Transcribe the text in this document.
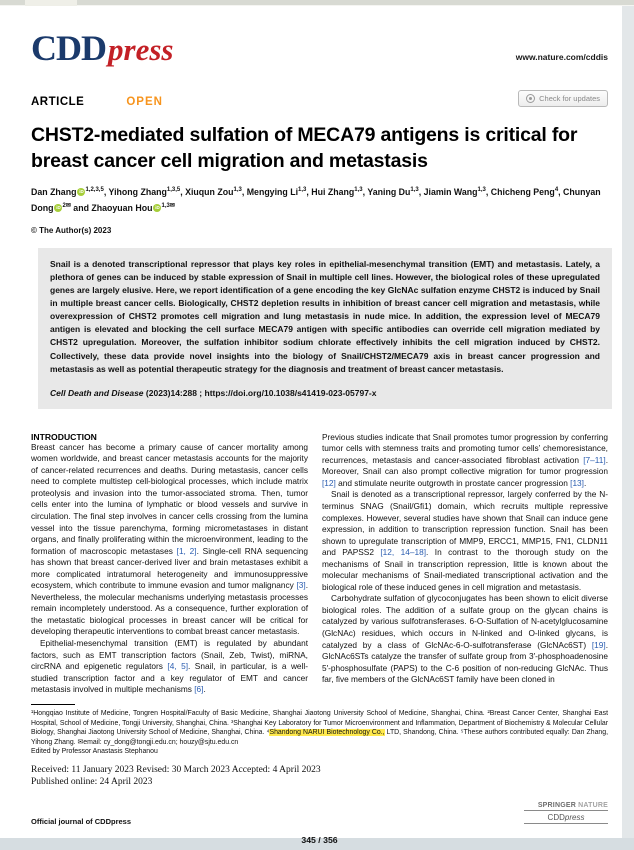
CDDpress	www.nature.com/cddis
ARTICLE	OPEN	Check for updates
CHST2-mediated sulfation of MECA79 antigens is critical for breast cancer cell migration and metastasis
Dan Zhang iD $^{1,2,3,5}$, Yihong Zhang$^{1,3,5}$, Xiuqun Zou$^{1,3}$, Mengying Li$^{1,3}$, Hui Zhang$^{1,3}$, Yaning Du$^{1,3}$, Jiamin Wang$^{1,3}$, Chicheng Peng$^4$, Chunyan Dong iD $^{2✉}$ and Zhaoyuan Hou iD $^{1,3✉}$
© The Author(s) 2023
Snail is a denoted transcriptional repressor that plays key roles in epithelial-mesenchymal transition (EMT) and metastasis. Lately, a plethora of genes can be induced by stable expression of Snail in multiple cell lines. However, the biological roles of these upregulated genes are largely elusive. Here, we report identification of a gene encoding the key GlcNAc sulfation enzyme CHST2 is induced by Snail in multiple breast cancer cells. Biologically, CHST2 depletion results in inhibition of breast cancer cell migration and metastasis, while overexpression of CHST2 promotes cell migration and lung metastasis in nude mice. In addition, the expression level of MECA79 antigen is elevated and blocking the cell surface MECA79 antigen with specific antibodies can override cell migration mediated by CHST2 upregulation. Moreover, the sulfation inhibitor sodium chlorate effectively inhibits the cell migration induced by CHST2. Collectively, these data provide novel insights into the biology of Snail/CHST2/MECA79 axis in breast cancer progression and metastasis as well as potential therapeutic strategy for the diagnosis and treatment of breast cancer metastasis.
Cell Death and Disease (2023)14:288 ; https://doi.org/10.1038/s41419-023-05797-x
INTRODUCTION

Breast cancer has become a primary cause of cancer mortality among women worldwide, and breast cancer metastasis accounts for the majority of cancer-related recurrences and deaths. During metastasis, cancer cells need to complete multistep cell-biological processes, which include matrix proteolysis and invasion into the tumor-associated stroma. Then, tumor cells enter into the lumina of lymphatic or blood vessels and survive in circulation. The final step involves in cancer cells crossing from the lumina vessel into the tissue parenchyma, forming micrometastases in distant organs, and finally proliferating within the microenvironment, leading to the formation of macroscopic metastases [1, 2]. Single-cell RNA sequencing has shown that breast cancer-derived liver and brain metastases exhibit a more complicated intratumoral heterogeneity and immunosuppressive ecosystem, which contribute to immune evasion and tumor malignancy [3]. Nevertheless, the molecular mechanisms underlying metastasis processes remain incompletely understood. As a consequence, further exploration of the metastatic biological processes in breast cancer will be critical for developing therapeutic interventions to combat breast cancer metastasis.

Epithelial-mesenchymal transition (EMT) is regulated by abundant factors, such as EMT transcription factors (Snail, Zeb, Twist), miRNA, circRNA and epigenetic regulators [4, 5]. Snail, in particular, is a well-studied transcription factor and a key regulator of EMT and cancer metastasis involved in multiple mechanisms [6].

Previous studies indicate that Snail promotes tumor progression by conferring tumor cells with stemness traits and promoting tumor cells’ chemoresistance, recurrences, metastasis and cancer-associated fibroblast activation [7–11]. Moreover, Snail can also prompt collective migration for tumor progression [12] and stimulate neurite outgrowth in prostate cancer progression [13].

Snail is denoted as a transcriptional repressor, largely conferred by the N-terminus SNAG (Snail/Gfi1) domain, which recruits multiple repressive complexes. However, several studies have shown that Snail can induce gene expression, in addition to transcription repression function. Snail has been shown to upregulate transcription of MMP9, ERCC1, MMP15, FN1, CLDN11 and PAPSS2 [12, 14–18]. In contrast to the thorough study on the mechanisms of Snail in transcription repression, little is known about the molecular mechanisms of Snail-mediated transcriptional activation and the biological role of these induced genes in cell migration and metastasis.

Carbohydrate sulfation of glycoconjugates has been shown to elicit diverse biological roles. The addition of a sulfate group on the glycan chains is catalyzed by various sulfotransferases. 6-O-Sulfation of N-acetylglucosamine (GlcNAc) residues, which occurs in N-linked and O-linked glycans, is catalyzed by a class of GlcNAc-6-O-sulfotransferase (GlcNAc6ST) [19]. GlcNAc6STs catalyze the transfer of sulfate group from 3′-phosphoadenosine 5′-phosphosulfate (PAPS) to the C-6 position of non-reducing GlcNAc. Thus far, five members of the GlcNAc6ST family have been cloned in

¹Hongqiao Institute of Medicine, Tongren Hospital/Faculty of Basic Medicine, Shanghai Jiaotong University School of Medicine, Shanghai, China. ²Breast Cancer Center, Shanghai East Hospital, School of Medicine, Tongji University, Shanghai, China. ³Shanghai Key Laboratory for Tumor Microenvironment and Inflammation, Department of Biochemistry & Molecular Cellular Biology, Shanghai Jiaotong University School of Medicine, Shanghai, China. ⁴Shandong NARUI Biotechnology Co., LTD, Shandong, China. ⁵These authors contributed equally: Dan Zhang, Yihong Zhang. ✉email: cy_dong@tongji.edu.cn; houzy@sjtu.edu.cn
Edited by Professor Anastasis Stephanou
Received: 11 January 2023 Revised: 30 March 2023 Accepted: 4 April 2023
Published online: 24 April 2023
Official journal of CDDpress
SPRINGER NATURE
CDDpress
345 / 356
